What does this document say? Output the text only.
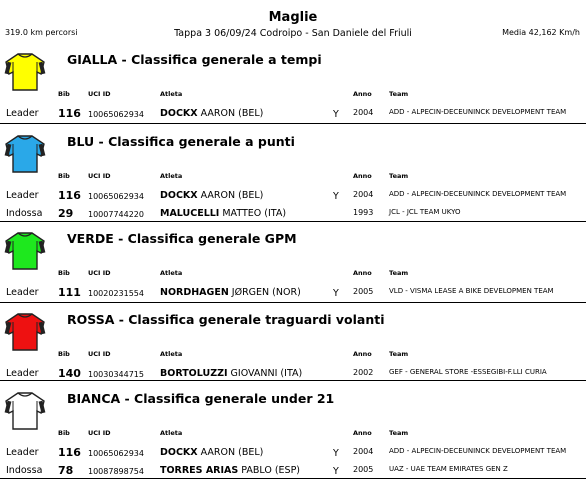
Maglie
319.0 km percorsi	Tappa 3 06/09/24 Codroipo - San Daniele del Friuli	Media 42,162 Km/h
GIALLA - Classifica generale a tempi
Bib	UCI ID	Atleta	Anno	Team
Leader 116 10065062934 DOCKX AARON (BEL)	Y 2004 ADD - ALPECIN-DECEUNINCK DEVELOPMENT TEAM
BLU - Classifica generale a punti
Bib	UCI ID	Atleta	Anno	Team
Leader 116 10065062934 DOCKX AARON (BEL)	Y 2004 ADD - ALPECIN-DECEUNINCK DEVELOPMENT TEAM
Indossa 29 10007744220 MALUCELLI MATTEO (ITA)	1993 JCL - JCL TEAM UKYO
VERDE - Classifica generale GPM
Bib	UCI ID	Atleta	Anno	Team
Leader 111 10020231554 NORDHAGEN JØRGEN (NOR)	Y 2005 VLD - VISMA LEASE A BIKE DEVELOPMEN TEAM
ROSSA - Classifica generale traguardi volanti
Bib	UCI ID	Atleta	Anno	Team
Leader 140 10030344715 BORTOLUZZI GIOVANNI (ITA)	2002 GEF - GENERAL STORE -ESSEGIBI-F.LLI CURIA
BIANCA - Classifica generale under 21
Bib	UCI ID	Atleta	Anno	Team
Leader 116 10065062934 DOCKX AARON (BEL)	Y 2004 ADD - ALPECIN-DECEUNINCK DEVELOPMENT TEAM
Indossa 78 10087898754 TORRES ARIAS PABLO (ESP)	Y 2005 UAZ - UAE TEAM EMIRATES GEN Z
